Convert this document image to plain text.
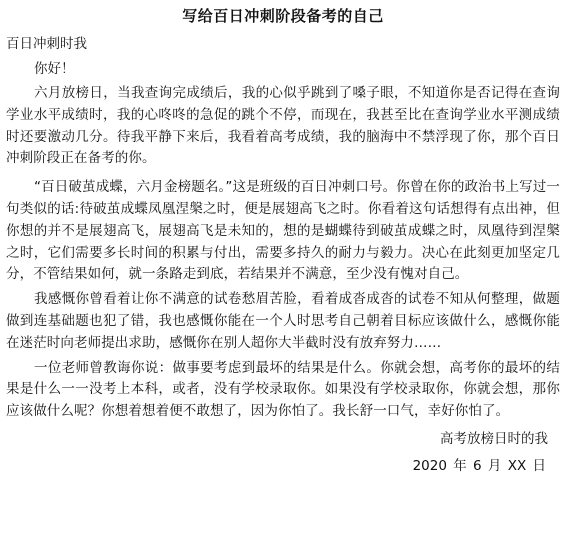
写给百日冲刺阶段备考的自己
百日冲刺时我
你好！

六月放榜日，当我查询完成绩后，我的心似乎跳到了嗓子眼，不知道你是否记得在查询学业水平成绩时，我的心咚咚的急促的跳个不停，而现在，我甚至比在查询学业水平测成绩时还要激动几分。待我平静下来后，我看着高考成绩，我的脑海中不禁浮现了你，那个百日冲刺阶段正在备考的你。

“百日破茧成蝶，六月金榜题名。”这是班级的百日冲刺口号。你曾在你的政治书上写过一句类似的话:待破茧成蝶凤凰涅槃之时，便是展翅高飞之时。你看着这句话想得有点出神，但你想的并不是展翅高飞，展翅高飞是未知的，想的是蝴蝶待到破茧成蝶之时，凤凰待到涅槃之时，它们需要多长时间的积累与付出，需要多持久的耐力与毅力。决心在此刻更加坚定几分，不管结果如何，就一条路走到底，若结果并不满意，至少没有愧对自己。

我感慨你曾看着让你不满意的试卷愁眉苦脸，看着成沓成沓的试卷不知从何整理，做题做到连基础题也犯了错，我也感慨你能在一个人时思考自己朝着目标应该做什么，感慨你能在迷茫时向老师提出求助，感慨你在别人超你大半截时没有放弃努力……

一位老师曾教诲你说：做事要考虑到最坏的结果是什么。你就会想，高考你的最坏的结果是什么一一没考上本科，或者，没有学校录取你。如果没有学校录取你，你就会想，那你应该做什么呢？你想着想着便不敢想了，因为你怕了。我长舒一口气，幸好你怕了。

高考放榜日时的我
2020 年 6 月 XX 日
